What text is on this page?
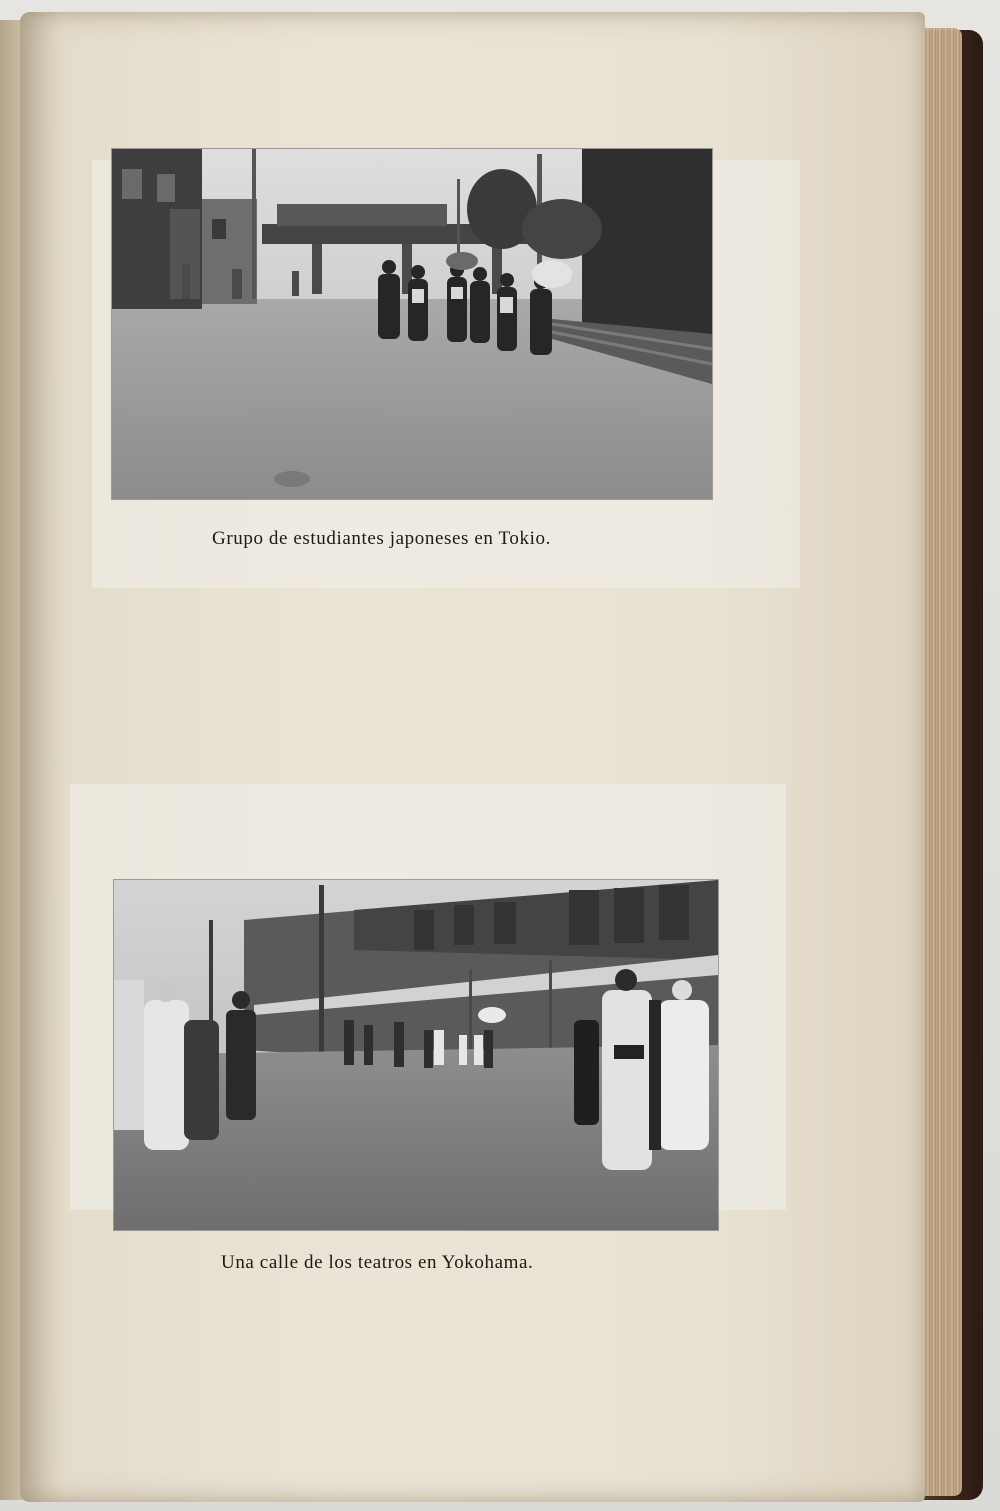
Grupo de estudiantes japoneses en Tokio.
Una calle de los teatros en Yokohama.
